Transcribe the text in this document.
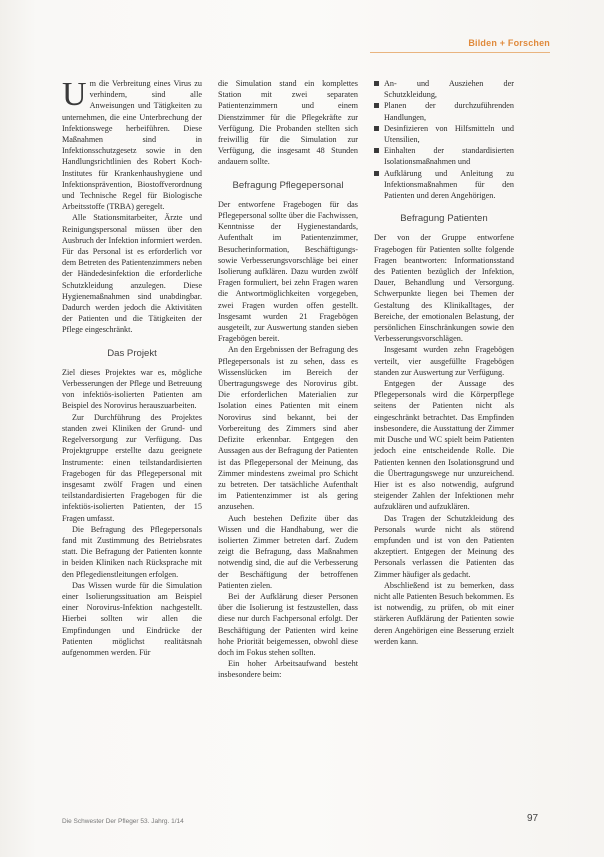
Bilden + Forschen

Um die Verbreitung eines Virus zu verhindern, sind alle Anweisungen und Tätigkeiten zu unternehmen, die eine Unterbrechung der Infektionswege herbeiführen. Diese Maßnahmen sind in Infektionsschutzgesetz sowie in den Handlungsrichtlinien des Robert Koch-Institutes für Krankenhaushygiene und Infektionsprävention, Biostoffverordnung und Technische Regel für Biologische Arbeitsstoffe (TRBA) geregelt.

Alle Stationsmitarbeiter, Ärzte und Reinigungspersonal müssen über den Ausbruch der Infektion informiert werden. Für das Personal ist es erforderlich vor dem Betreten des Patientenzimmers neben der Händedesinfektion die erforderliche Schutzkleidung anzulegen. Diese Hygienemaßnahmen sind unabdingbar. Dadurch werden jedoch die Aktivitäten der Patienten und die Tätigkeiten der Pflege eingeschränkt.

Das Projekt

Ziel dieses Projektes war es, mögliche Verbesserungen der Pflege und Betreuung von infektiös-isolierten Patienten am Beispiel des Norovirus herauszuarbeiten.

Zur Durchführung des Projektes standen zwei Kliniken der Grund- und Regelversorgung zur Verfügung. Das Projektgruppe erstellte dazu geeignete Instrumente: einen teilstandardisierten Fragebogen für das Pflegepersonal mit insgesamt zwölf Fragen und einen teilstandardisierten Fragebogen für die infektiös-isolierten Patienten, der 15 Fragen umfasst.

Die Befragung des Pflegepersonals fand mit Zustimmung des Betriebsrates statt. Die Befragung der Patienten konnte in beiden Kliniken nach Rücksprache mit den Pflegedienstleitungen erfolgen.

Das Wissen wurde für die Simulation einer Isolierungssituation am Beispiel einer Norovirus-Infektion nachgestellt. Hierbei sollten wir allen die Empfindungen und Eindrücke der Patienten möglichst realitätsnah aufgenommen werden. Für

die Simulation stand ein komplettes Station mit zwei separaten Patientenzimmern und einem Dienstzimmer für die Pflegekräfte zur Verfügung. Die Probanden stellten sich freiwillig für die Simulation zur Verfügung, die insgesamt 48 Stunden andauern sollte.

Befragung Pflegepersonal

Der entworfene Fragebogen für das Pflegepersonal sollte über die Fachwissen, Kenntnisse der Hygienestandards, Aufenthalt im Patientenzimmer, Besucherinformation, Beschäftigungs- sowie Verbesserungsvorschläge bei einer Isolierung aufklären. Dazu wurden zwölf Fragen formuliert, bei zehn Fragen waren die Antwortmöglichkeiten vorgegeben, zwei Fragen wurden offen gestellt. Insgesamt wurden 21 Fragebögen ausgeteilt, zur Auswertung standen sieben Fragebögen bereit.

An den Ergebnissen der Befragung des Pflegepersonals ist zu sehen, dass es Wissenslücken im Bereich der Übertragungswege des Norovirus gibt. Die erforderlichen Materialien zur Isolation eines Patienten mit einem Norovirus sind bekannt, bei der Vorbereitung des Zimmers sind aber Defizite erkennbar. Entgegen den Aussagen aus der Befragung der Patienten ist das Pflegepersonal der Meinung, das Zimmer mindestens zweimal pro Schicht zu betreten. Der tatsächliche Aufenthalt im Patientenzimmer ist als gering anzusehen.

Auch bestehen Defizite über das Wissen und die Handhabung, wer die isolierten Zimmer betreten darf. Zudem zeigt die Befragung, dass Maßnahmen notwendig sind, die auf die Verbesserung der Beschäftigung der betroffenen Patienten zielen.

Bei der Aufklärung dieser Personen über die Isolierung ist festzustellen, dass diese nur durch Fachpersonal erfolgt. Der Beschäftigung der Patienten wird keine hohe Priorität beigemessen, obwohl diese doch im Fokus stehen sollten.

Ein hoher Arbeitsaufwand besteht insbesondere beim:

An- und Ausziehen der Schutzkleidung,
Planen der durchzuführenden Handlungen,
Desinfizieren von Hilfsmitteln und Utensilien,
Einhalten der standardisierten Isolationsmaßnahmen und
Aufklärung und Anleitung zu Infektionsmaßnahmen für den Patienten und deren Angehörigen.
Befragung Patienten

Der von der Gruppe entworfene Fragebogen für Patienten sollte folgende Fragen beantworten: Informationsstand des Patienten bezüglich der Infektion, Dauer, Behandlung und Versorgung. Schwerpunkte liegen bei Themen der Gestaltung des Klinikalltages, der Bereiche, der emotionalen Belastung, der persönlichen Einschränkungen sowie den Verbesserungsvorschlägen.

Insgesamt wurden zehn Fragebögen verteilt, vier ausgefüllte Fragebögen standen zur Auswertung zur Verfügung.

Entgegen der Aussage des Pflegepersonals wird die Körperpflege seitens der Patienten nicht als eingeschränkt betrachtet. Das Empfinden insbesondere, die Ausstattung der Zimmer mit Dusche und WC spielt beim Patienten jedoch eine entscheidende Rolle. Die Patienten kennen den Isolationsgrund und die Übertragungswege nur unzureichend. Hier ist es also notwendig, aufgrund steigender Zahlen der Infektionen mehr aufzuklären und aufzuklären.

Das Tragen der Schutzkleidung des Personals wurde nicht als störend empfunden und ist von den Patienten akzeptiert. Entgegen der Meinung des Personals verlassen die Patienten das Zimmer häufiger als gedacht.

Abschließend ist zu bemerken, dass nicht alle Patienten Besuch bekommen. Es ist notwendig, zu prüfen, ob mit einer stärkeren Aufklärung der Patienten sowie deren Angehörigen eine Besserung erzielt werden kann.

Die Schwester Der Pfleger 53. Jahrg. 1/14	97
